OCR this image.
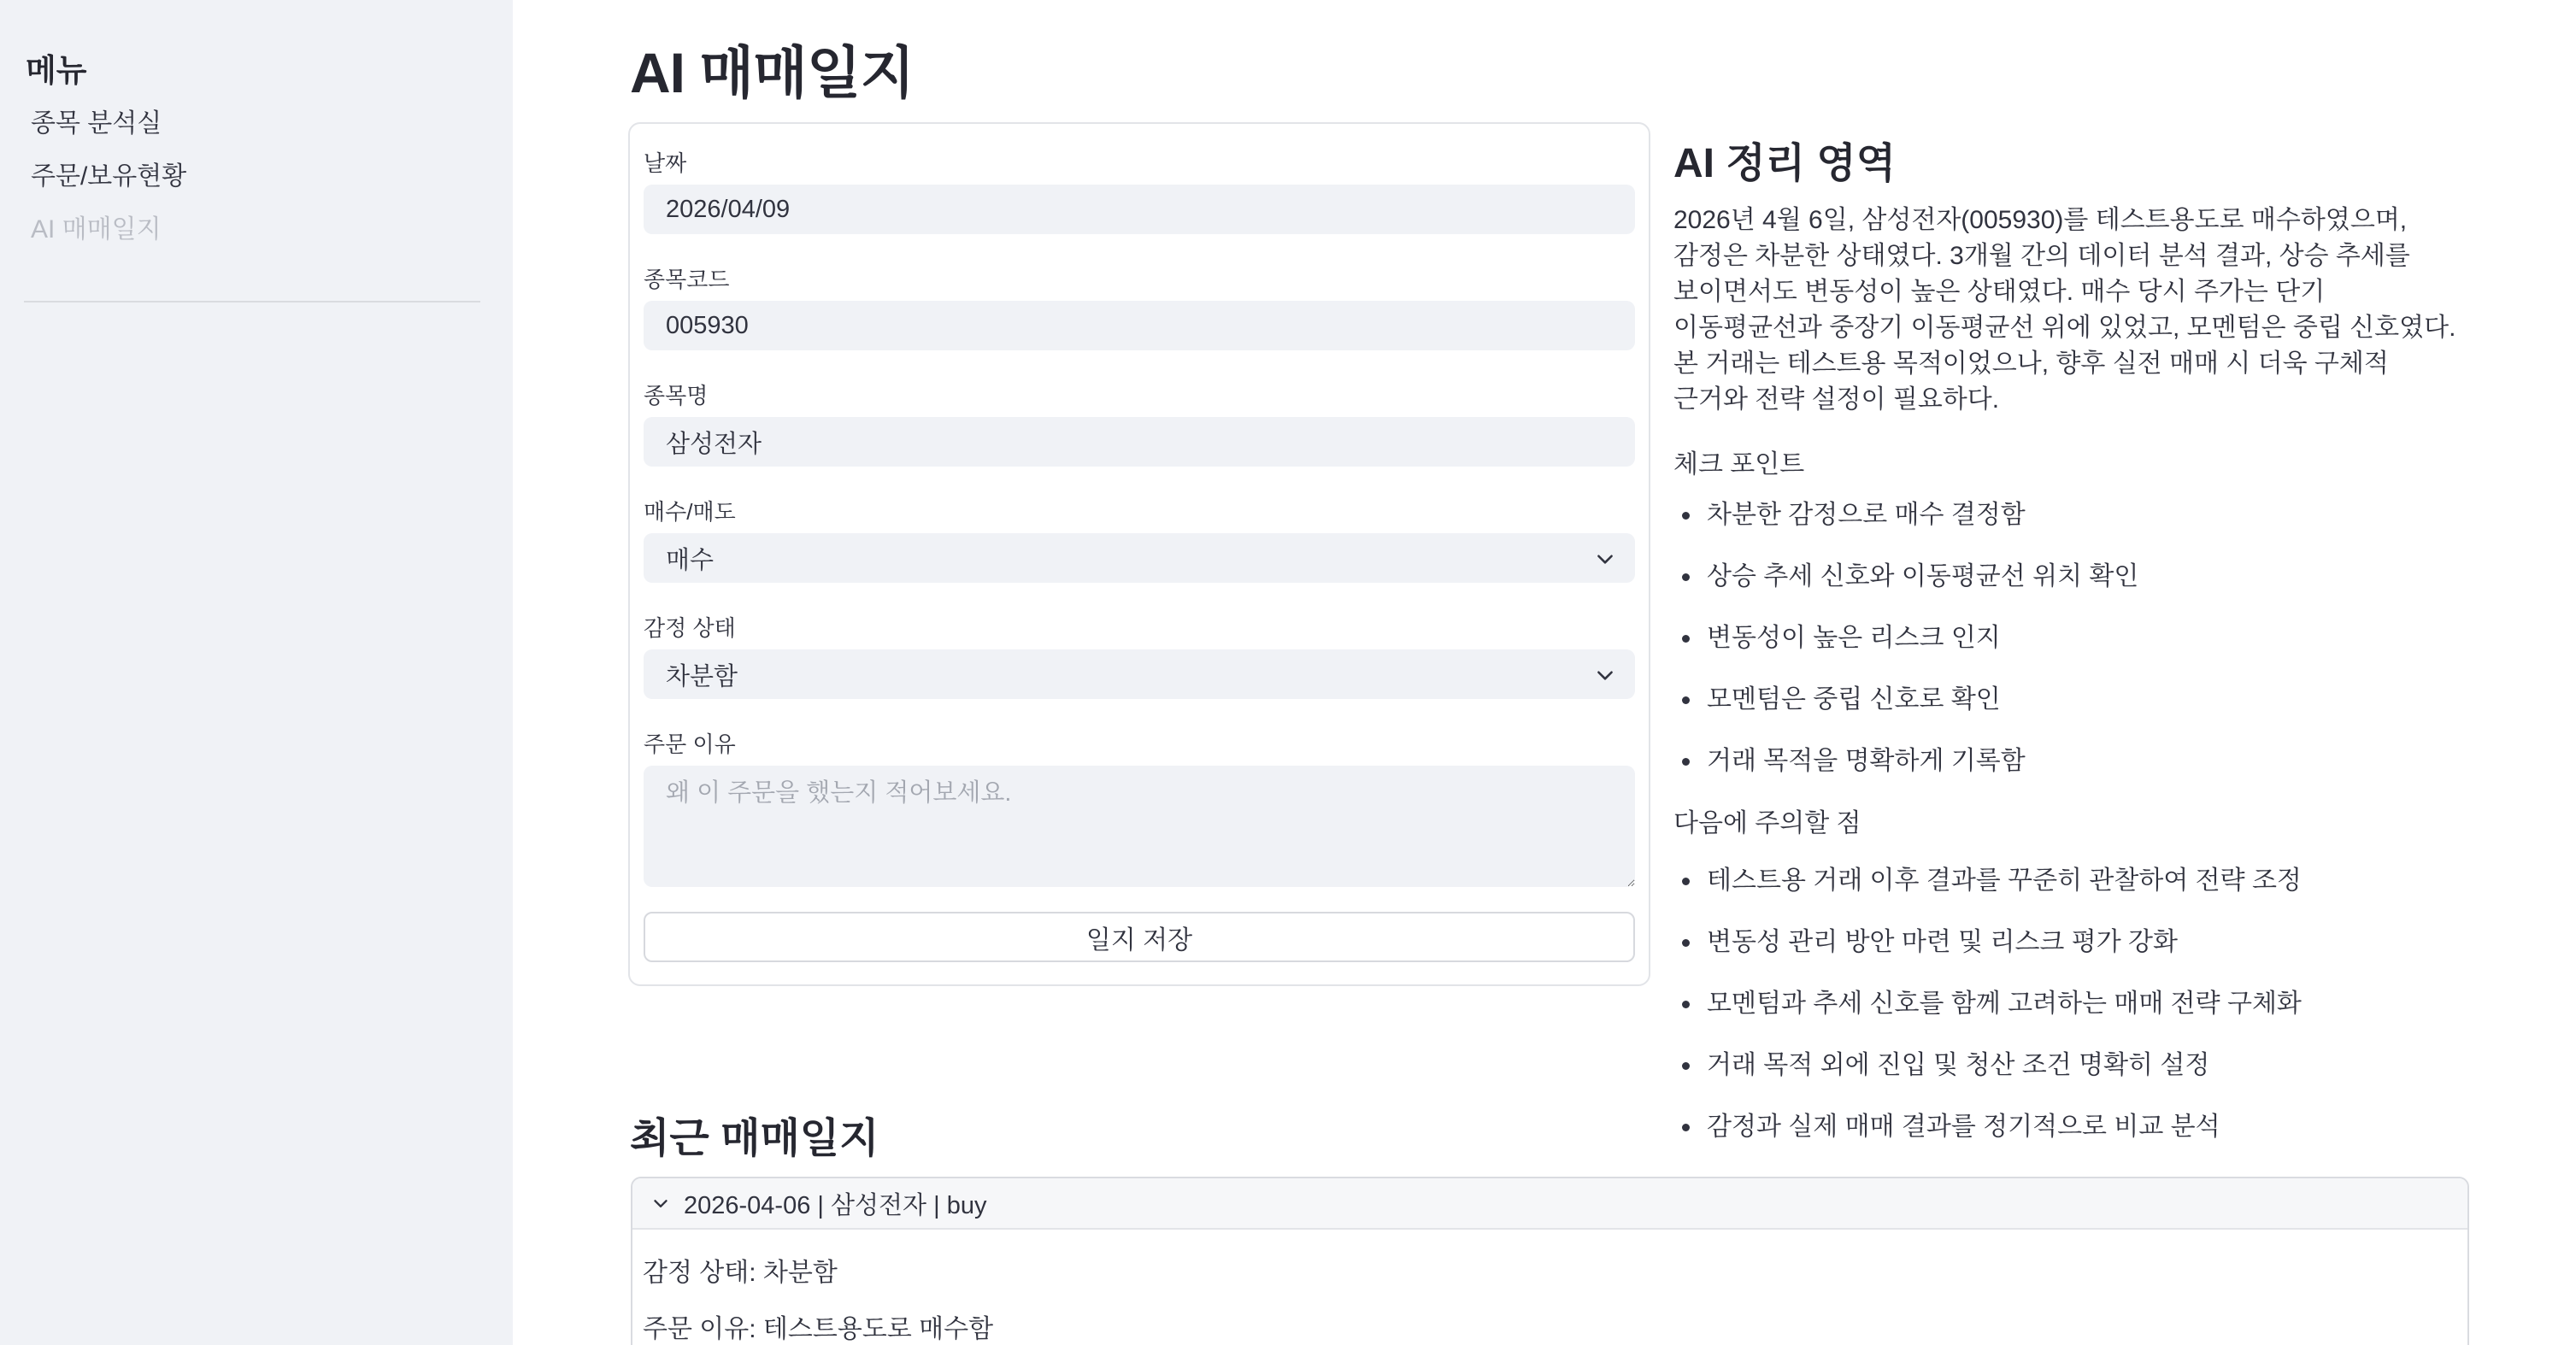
메뉴
종목 분석실
주문/보유현황
AI 매매일지
AI 매매일지
날짜
2026/04/09
종목코드
005930
종목명
삼성전자
매수/매도
매수
감정 상태
차분함
주문 이유
왜 이 주문을 했는지 적어보세요. 일지 저장
AI 정리 영역

2026년 4월 6일, 삼성전자(005930)를 테스트용도로 매수하였으며, 감정은 차분한 상태였다. 3개월 간의 데이터 분석 결과, 상승 추세를 보이면서도 변동성이 높은 상태였다. 매수 당시 주가는 단기 이동평균선과 중장기 이동평균선 위에 있었고, 모멘텀은 중립 신호였다. 본 거래는 테스트용 목적이었으나, 향후 실전 매매 시 더욱 구체적 근거와 전략 설정이 필요하다.

체크 포인트
차분한 감정으로 매수 결정함
상승 추세 신호와 이동평균선 위치 확인
변동성이 높은 리스크 인지
모멘텀은 중립 신호로 확인
거래 목적을 명확하게 기록함
다음에 주의할 점
테스트용 거래 이후 결과를 꾸준히 관찰하여 전략 조정
변동성 관리 방안 마련 및 리스크 평가 강화
모멘텀과 추세 신호를 함께 고려하는 매매 전략 구체화
거래 목적 외에 진입 및 청산 조건 명확히 설정
감정과 실제 매매 결과를 정기적으로 비교 분석
최근 매매일지
2026-04-06 | 삼성전자 | buy
감정 상태: 차분함
주문 이유: 테스트용도로 매수함
